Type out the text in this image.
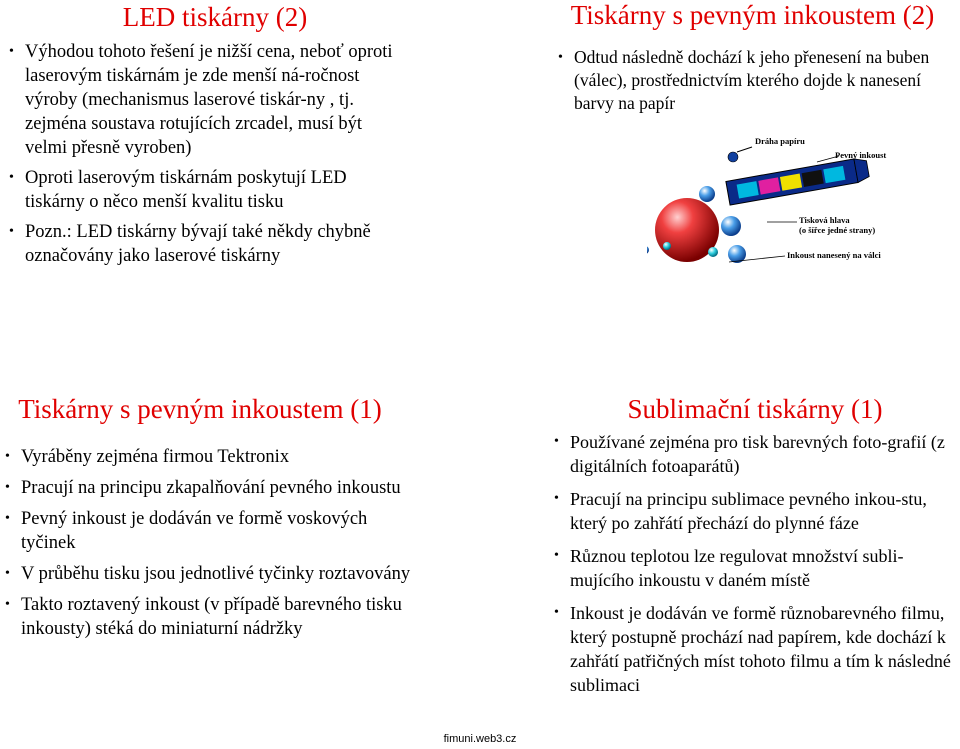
LED tiskárny (2)
• Výhodou tohoto řešení je nižší cena, neboť oproti laserovým tiskárnám je zde menší ná-ročnost výroby (mechanismus laserové tiskár-ny , tj. zejména soustava rotujících zrcadel, musí být velmi přesně vyroben)
• Oproti laserovým tiskárnám poskytují LED tiskárny o něco menší kvalitu tisku
• Pozn.: LED tiskárny bývají také někdy chybně označovány jako laserové tiskárny
Tiskárny s pevným inkoustem (2)
• Odtud následně dochází k jeho přenesení na buben (válec), prostřednictvím kterého dojde k nanesení barvy na papír
Dráha papíru
Pevný inkoust
Tisková hlava
(o šířce jedné strany)
Inkoust nanesený na válci
Tiskárny s pevným inkoustem (1)
• Vyráběny zejména firmou Tektronix
• Pracují na principu zkapalňování pevného inkoustu
• Pevný inkoust je dodáván ve formě voskových tyčinek
• V průběhu tisku jsou jednotlivé tyčinky roztavovány
• Takto roztavený inkoust (v případě barevného tisku inkousty) stéká do miniaturní nádržky
Sublimační tiskárny (1)
• Používané zejména pro tisk barevných foto-grafií (z digitálních fotoaparátů)
• Pracují na principu sublimace pevného inkou-stu, který po zahřátí přechází do plynné fáze
• Různou teplotou lze regulovat množství subli-mujícího inkoustu v daném místě
• Inkoust je dodáván ve formě různobarevného filmu, který postupně prochází nad papírem, kde dochází k zahřátí patřičných míst tohoto filmu a tím k následné sublimaci
fimuni.web3.cz
